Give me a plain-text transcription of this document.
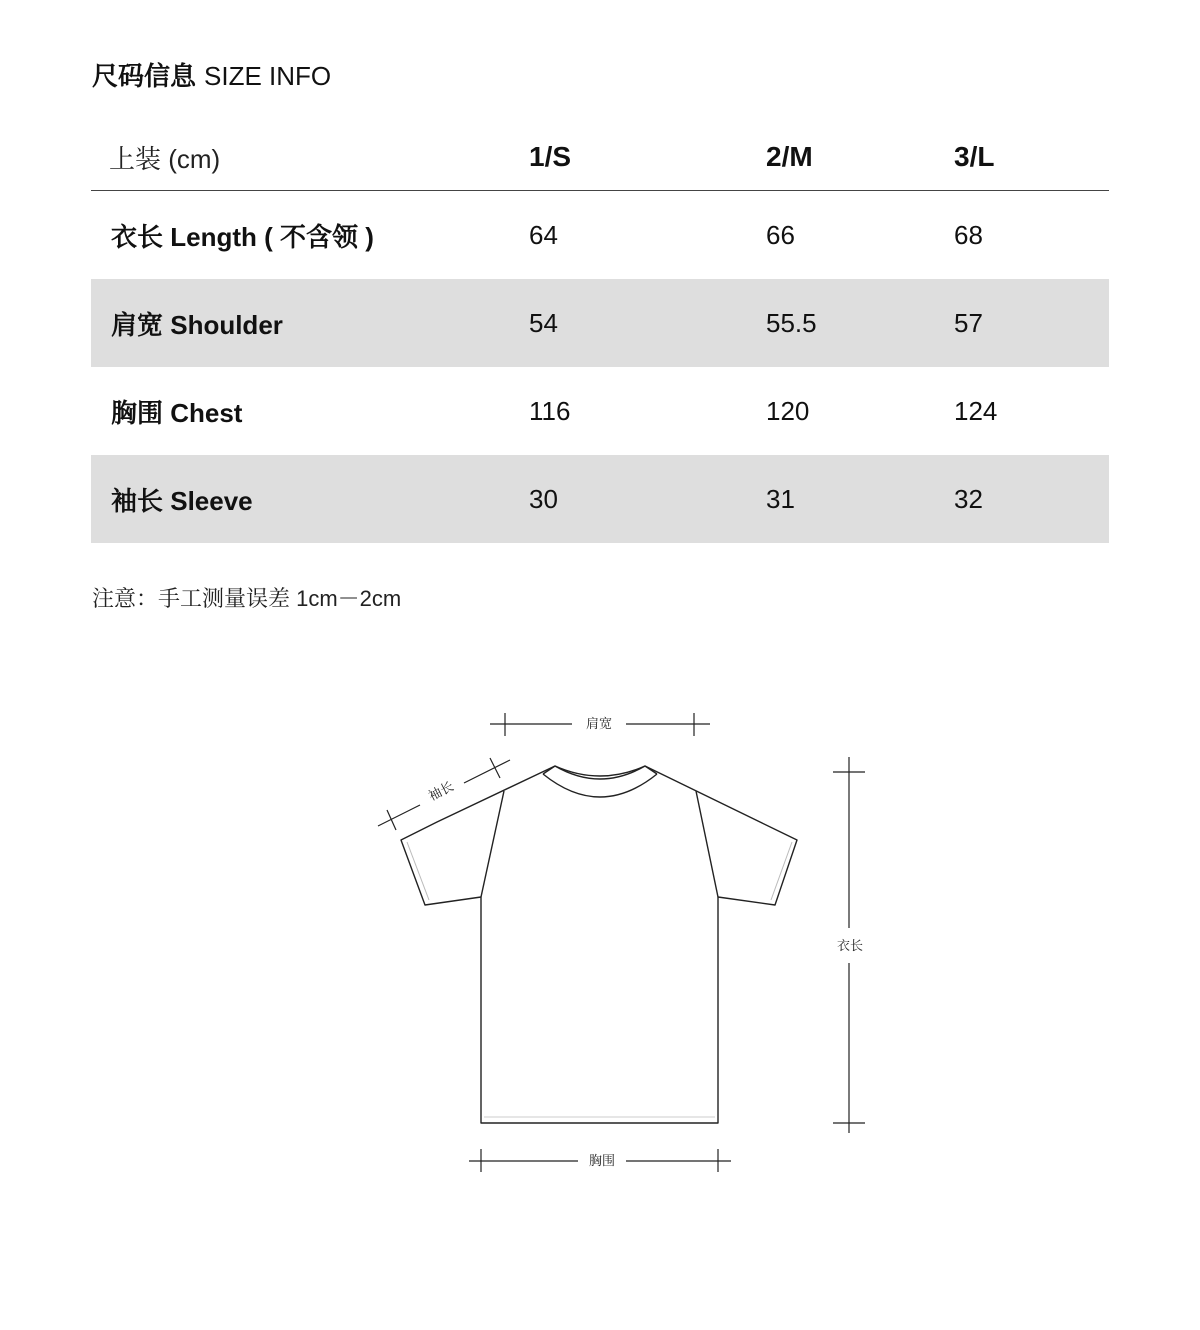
尺码信息 SIZE INFO
上装 (cm)	1/S	2/M	3/L
衣长 Length ( 不含领 )	64	66	68
肩宽 Shoulder	54	55.5	57
胸围 Chest	116	120	124
袖长 Sleeve	30	31	32
注意：手工测量误差 1cm－2cm
肩宽
袖长
衣长
胸围
